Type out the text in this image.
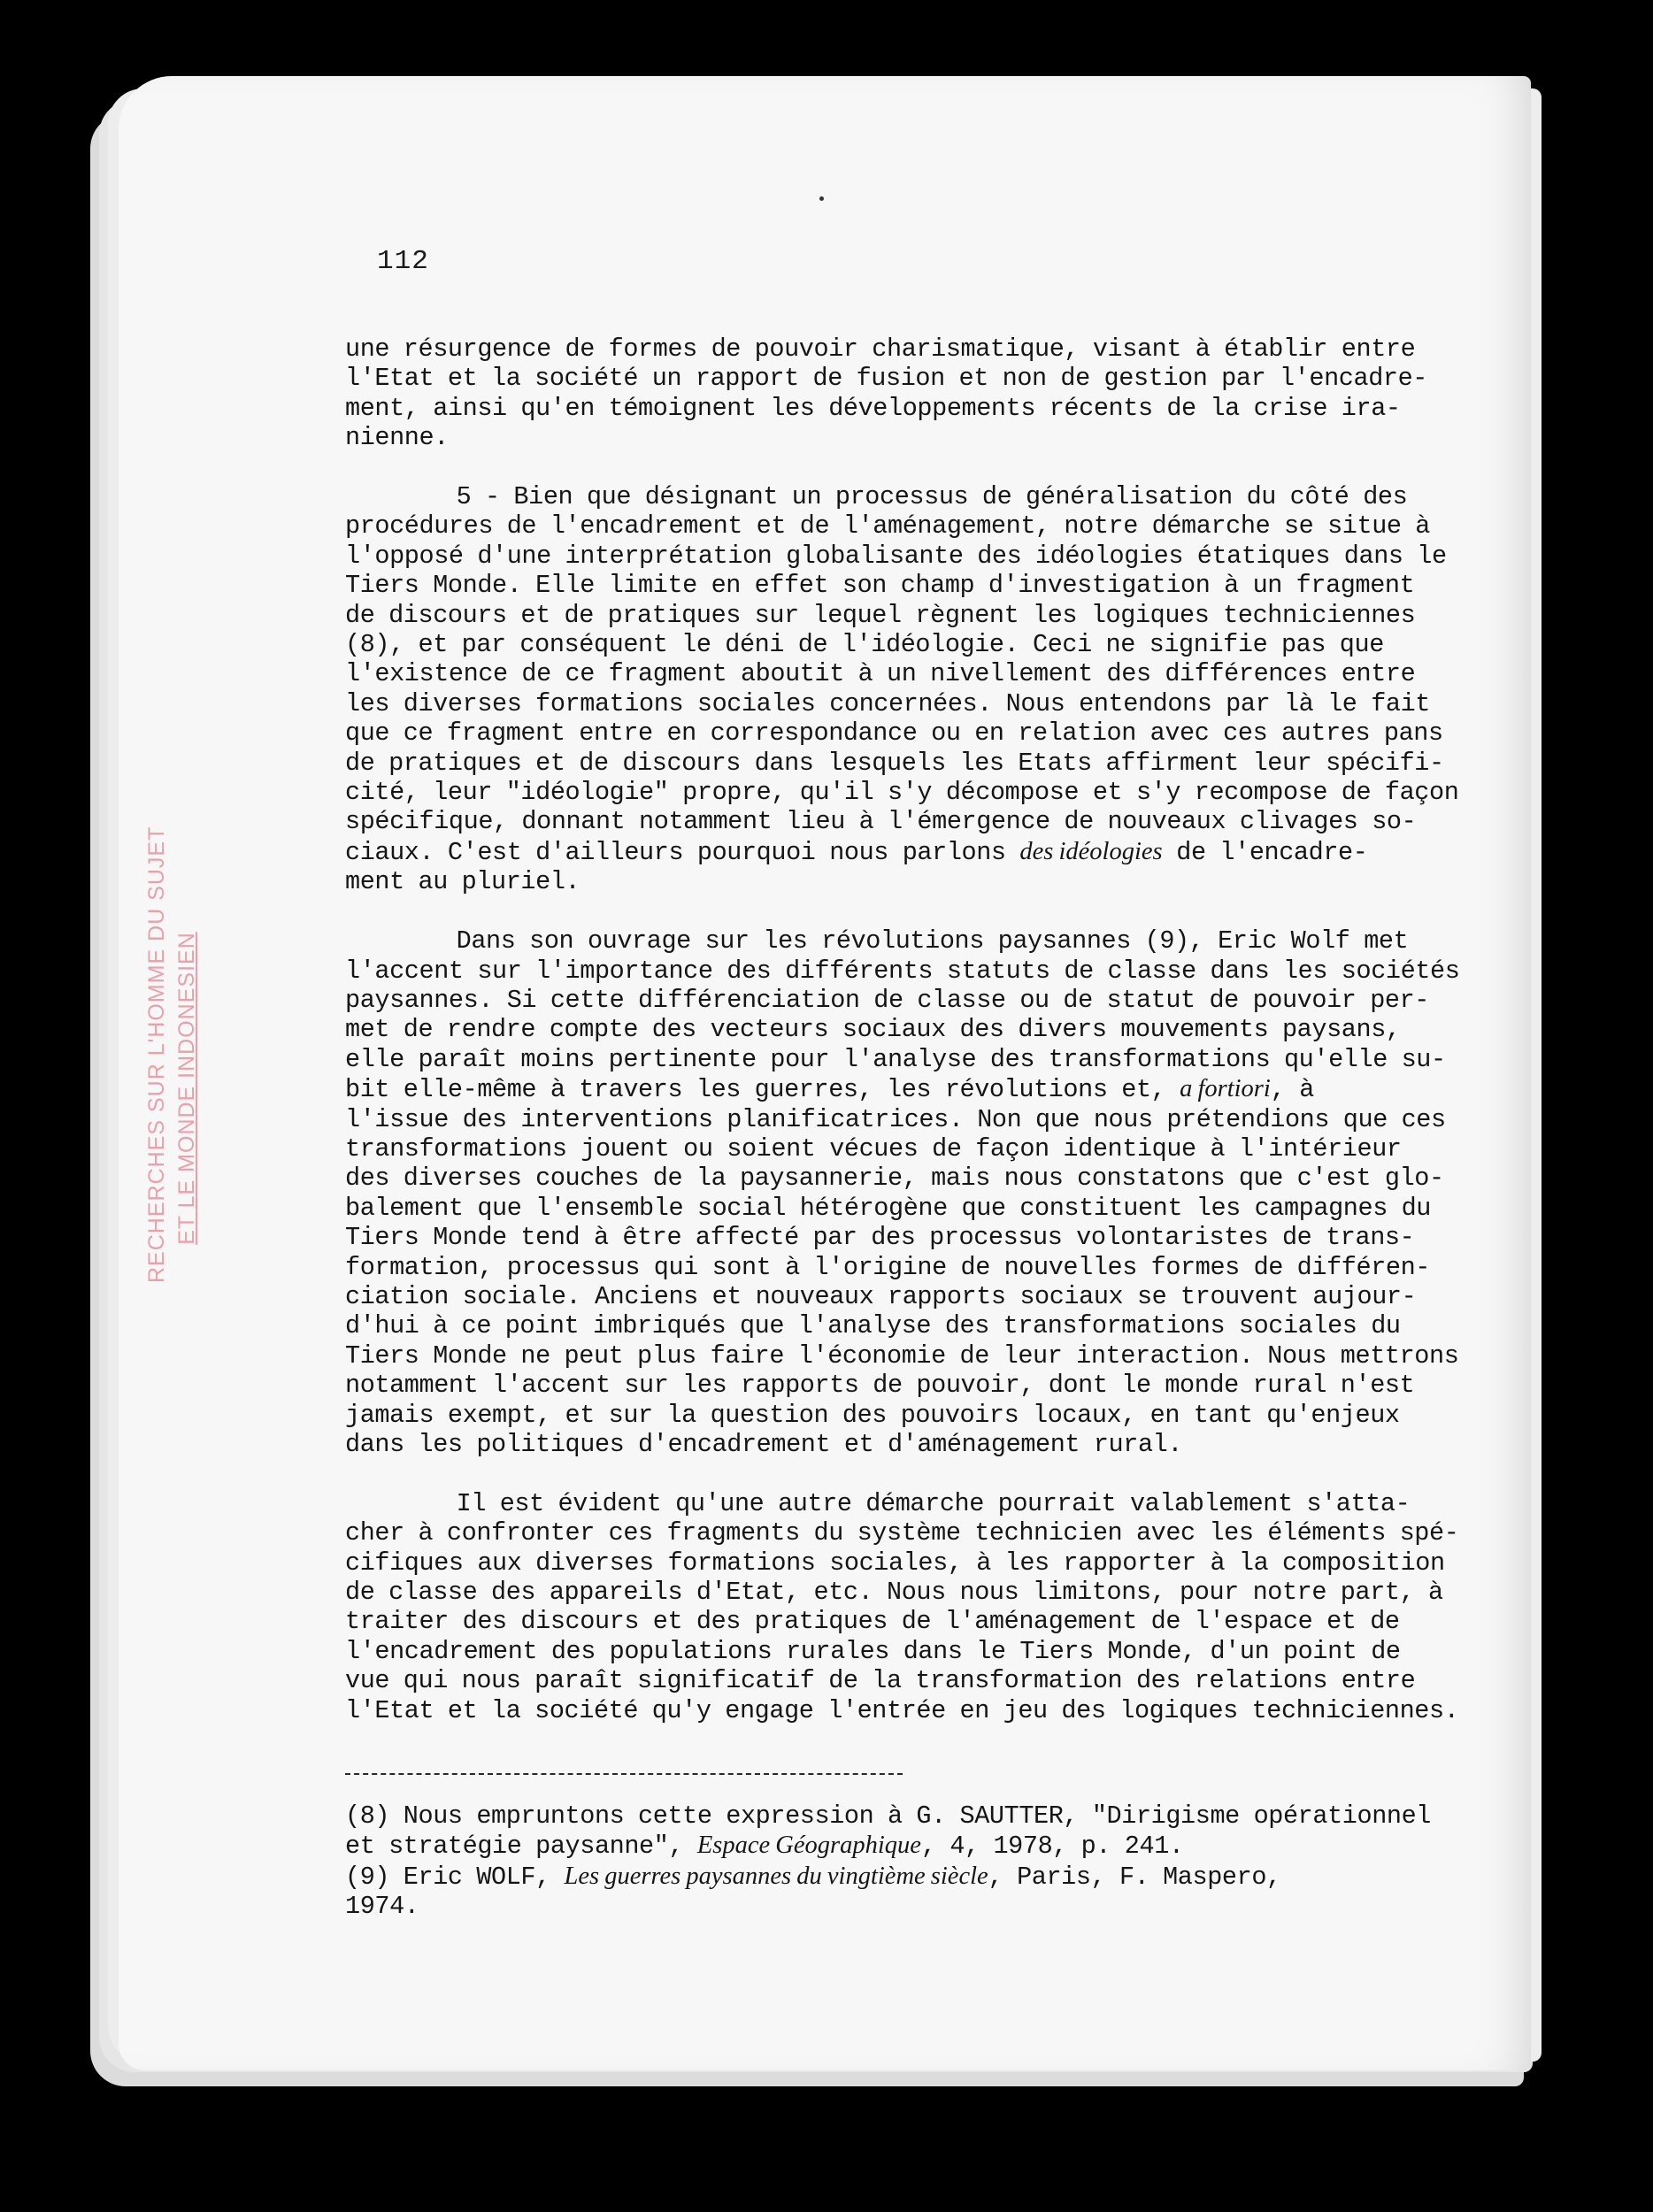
112
RECHERCHES SUR L'HOMME DU SUJET ET LE MONDE INDONESIEN

une résurgence de formes de pouvoir charismatique, visant à établir entre
l'Etat et la société un rapport de fusion et non de gestion par l'encadre-
ment, ainsi qu'en témoignent les développements récents de la crise ira-
nienne.

5 - Bien que désignant un processus de généralisation du côté des
procédures de l'encadrement et de l'aménagement, notre démarche se situe à
l'opposé d'une interprétation globalisante des idéologies étatiques dans le
Tiers Monde. Elle limite en effet son champ d'investigation à un fragment
de discours et de pratiques sur lequel règnent les logiques techniciennes
(8), et par conséquent le déni de l'idéologie. Ceci ne signifie pas que
l'existence de ce fragment aboutit à un nivellement des différences entre
les diverses formations sociales concernées. Nous entendons par là le fait
que ce fragment entre en correspondance ou en relation avec ces autres pans
de pratiques et de discours dans lesquels les Etats affirment leur spécifi-
cité, leur "idéologie" propre, qu'il s'y décompose et s'y recompose de façon
spécifique, donnant notamment lieu à l'émergence de nouveaux clivages so-
ciaux. C'est d'ailleurs pourquoi nous parlons des idéologies de l'encadre-
ment au pluriel.

Dans son ouvrage sur les révolutions paysannes (9), Eric Wolf met
l'accent sur l'importance des différents statuts de classe dans les sociétés
paysannes. Si cette différenciation de classe ou de statut de pouvoir per-
met de rendre compte des vecteurs sociaux des divers mouvements paysans,
elle paraît moins pertinente pour l'analyse des transformations qu'elle su-
bit elle-même à travers les guerres, les révolutions et, a fortiori, à
l'issue des interventions planificatrices. Non que nous prétendions que ces
transformations jouent ou soient vécues de façon identique à l'intérieur
des diverses couches de la paysannerie, mais nous constatons que c'est glo-
balement que l'ensemble social hétérogène que constituent les campagnes du
Tiers Monde tend à être affecté par des processus volontaristes de trans-
formation, processus qui sont à l'origine de nouvelles formes de différen-
ciation sociale. Anciens et nouveaux rapports sociaux se trouvent aujour-
d'hui à ce point imbriqués que l'analyse des transformations sociales du
Tiers Monde ne peut plus faire l'économie de leur interaction. Nous mettrons
notamment l'accent sur les rapports de pouvoir, dont le monde rural n'est
jamais exempt, et sur la question des pouvoirs locaux, en tant qu'enjeux
dans les politiques d'encadrement et d'aménagement rural.

Il est évident qu'une autre démarche pourrait valablement s'atta-
cher à confronter ces fragments du système technicien avec les éléments spé-
cifiques aux diverses formations sociales, à les rapporter à la composition
de classe des appareils d'Etat, etc. Nous nous limitons, pour notre part,
traiter des discours et des pratiques de l'aménagement de l'espace et de
l'encadrement des populations rurales dans le Tiers Monde, d'un point de
vue qui nous paraît significatif de la transformation des relations entre
l'Etat et la société qu'y engage l'entrée en jeu des logiques techniciennes.

(8) Nous empruntons cette expression à G. SAUTTER, "Dirigisme opérationnel
et stratégie paysanne", Espace Géographique, 4, 1978, p. 241.

(9) Eric WOLF, Les guerres paysannes du vingtième siècle, Paris, F. Maspero,
1974.
